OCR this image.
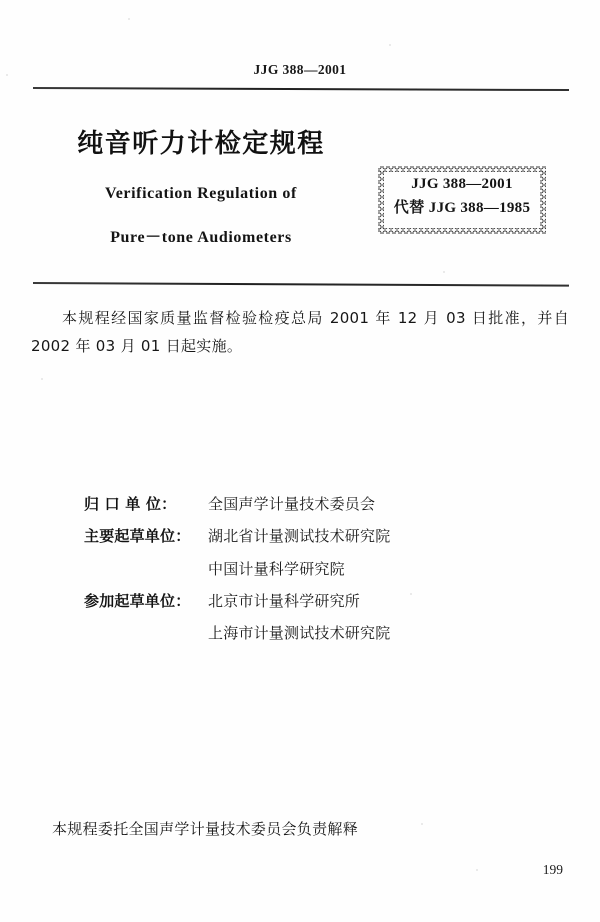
JJG 388—2001
纯音听力计检定规程
Verification Regulation of
Pure－tone Audiometers
JJG 388—2001
代替 JJG 388—1985
本规程经国家质量监督检验检疫总局 2001 年 12 月 03 日批准，并自 2002 年 03 月 01 日起实施。
归 口 单 位：	全国声学计量技术委员会
主要起草单位：	湖北省计量测试技术研究院
中国计量科学研究院
参加起草单位：	北京市计量科学研究所
上海市计量测试技术研究院
本规程委托全国声学计量技术委员会负责解释
199
